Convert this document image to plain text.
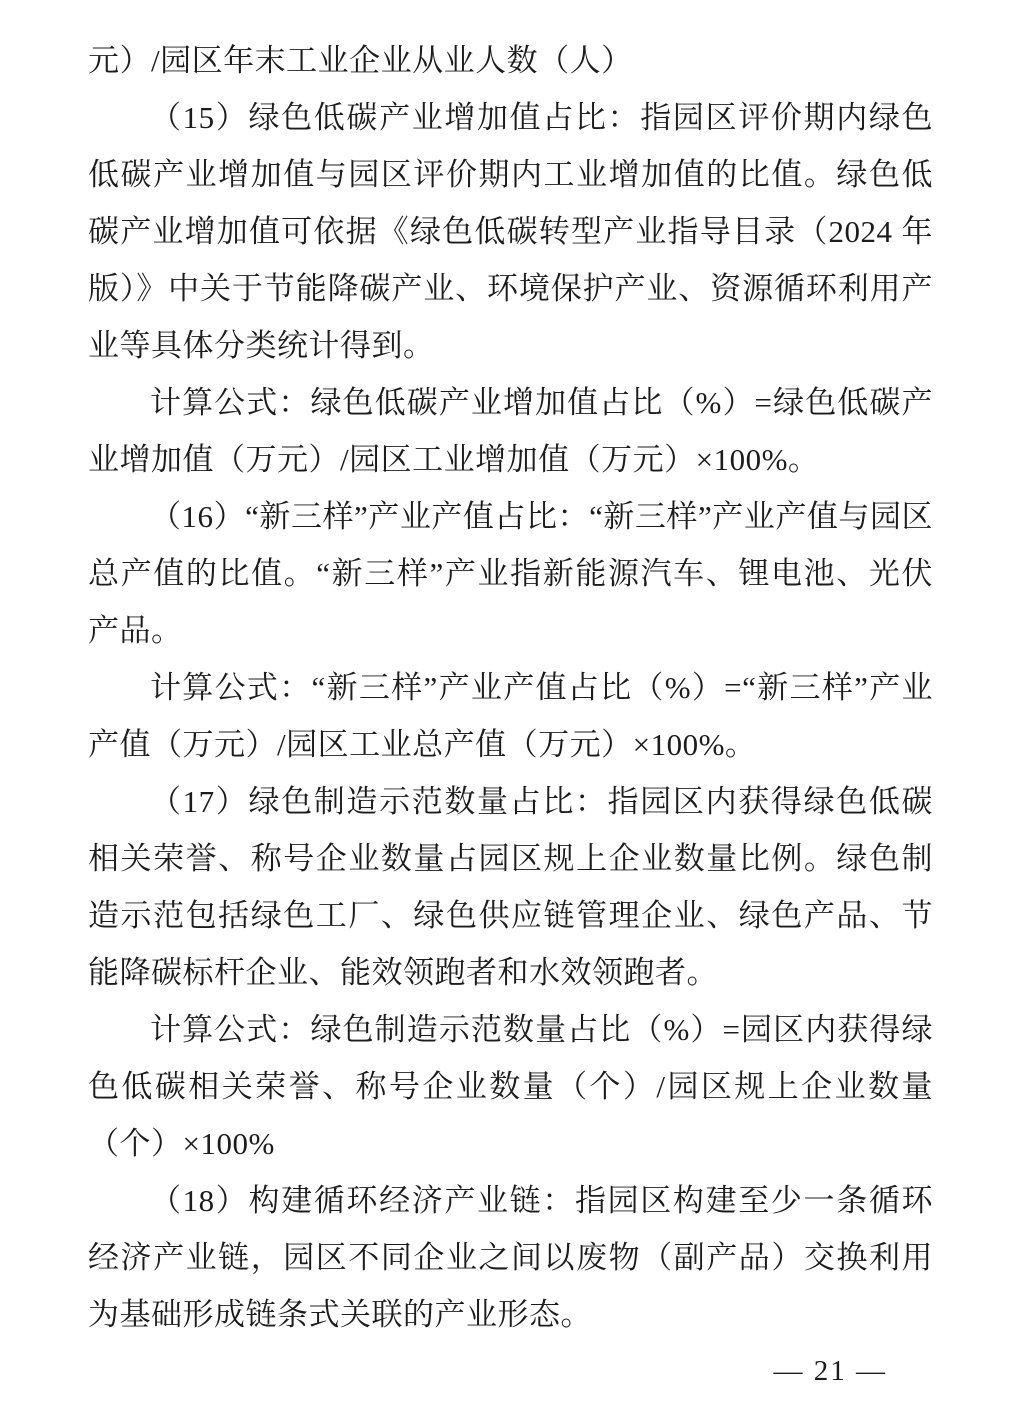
元）/园区年末工业企业从业人数（人）

（15）绿色低碳产业增加值占比：指园区评价期内绿色低碳产业增加值与园区评价期内工业增加值的比值。绿色低碳产业增加值可依据《绿色低碳转型产业指导目录（2024 年版）》中关于节能降碳产业、环境保护产业、资源循环利用产业等具体分类统计得到。

计算公式：绿色低碳产业增加值占比（%）=绿色低碳产业增加值（万元）/园区工业增加值（万元）×100%。

（16）“新三样”产业产值占比：“新三样”产业产值与园区总产值的比值。“新三样”产业指新能源汽车、锂电池、光伏产品。

计算公式：“新三样”产业产值占比（%）=“新三样”产业产值（万元）/园区工业总产值（万元）×100%。

（17）绿色制造示范数量占比：指园区内获得绿色低碳相关荣誉、称号企业数量占园区规上企业数量比例。绿色制造示范包括绿色工厂、绿色供应链管理企业、绿色产品、节能降碳标杆企业、能效领跑者和水效领跑者。

计算公式：绿色制造示范数量占比（%）=园区内获得绿色低碳相关荣誉、称号企业数量（个）/园区规上企业数量（个）×100%

（18）构建循环经济产业链：指园区构建至少一条循环经济产业链，园区不同企业之间以废物（副产品）交换利用为基础形成链条式关联的产业形态。

— 21 —
